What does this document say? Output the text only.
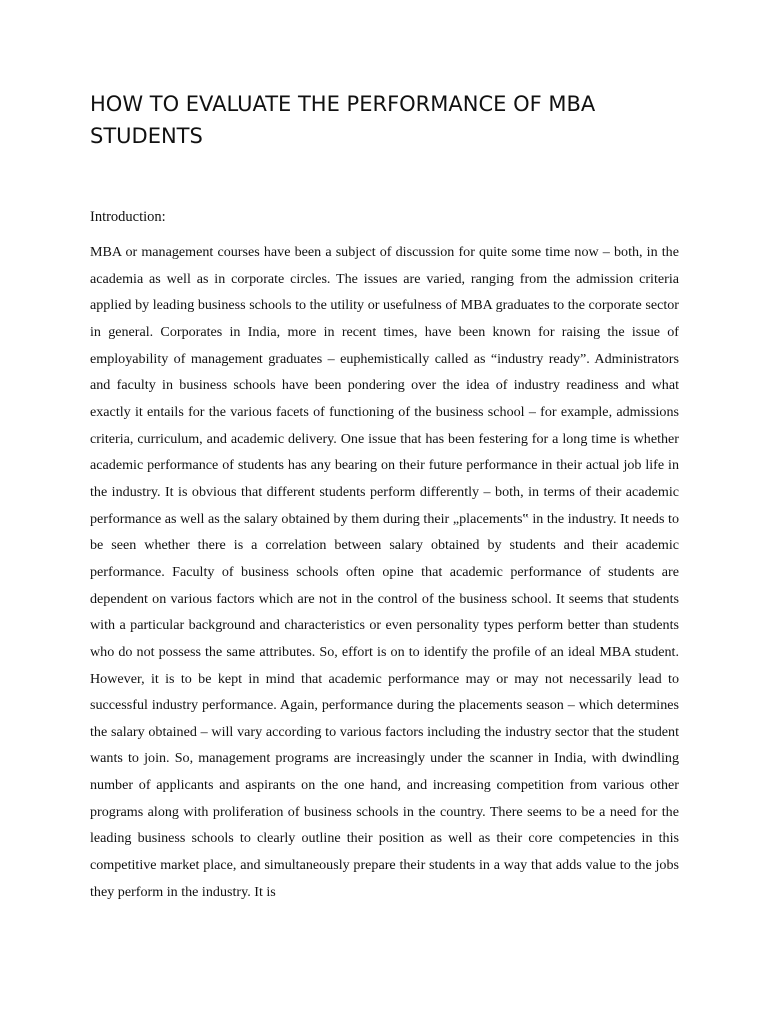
HOW TO EVALUATE THE PERFORMANCE OF MBA STUDENTS

Introduction:

MBA or management courses have been a subject of discussion for quite some time now – both, in the academia as well as in corporate circles. The issues are varied, ranging from the admission criteria applied by leading business schools to the utility or usefulness of MBA graduates to the corporate sector in general. Corporates in India, more in recent times, have been known for raising the issue of employability of management graduates – euphemistically called as “industry ready”. Administrators and faculty in business schools have been pondering over the idea of industry readiness and what exactly it entails for the various facets of functioning of the business school – for example, admissions criteria, curriculum, and academic delivery. One issue that has been festering for a long time is whether academic performance of students has any bearing on their future performance in their actual job life in the industry. It is obvious that different students perform differently – both, in terms of their academic performance as well as the salary obtained by them during their „placements‟ in the industry. It needs to be seen whether there is a correlation between salary obtained by students and their academic performance. Faculty of business schools often opine that academic performance of students are dependent on various factors which are not in the control of the business school. It seems that students with a particular background and characteristics or even personality types perform better than students who do not possess the same attributes. So, effort is on to identify the profile of an ideal MBA student. However, it is to be kept in mind that academic performance may or may not necessarily lead to successful industry performance. Again, performance during the placements season – which determines the salary obtained – will vary according to various factors including the industry sector that the student wants to join. So, management programs are increasingly under the scanner in India, with dwindling number of applicants and aspirants on the one hand, and increasing competition from various other programs along with proliferation of business schools in the country. There seems to be a need for the leading business schools to clearly outline their position as well as their core competencies in this competitive market place, and simultaneously prepare their students in a way that adds value to the jobs they perform in the industry. It is
